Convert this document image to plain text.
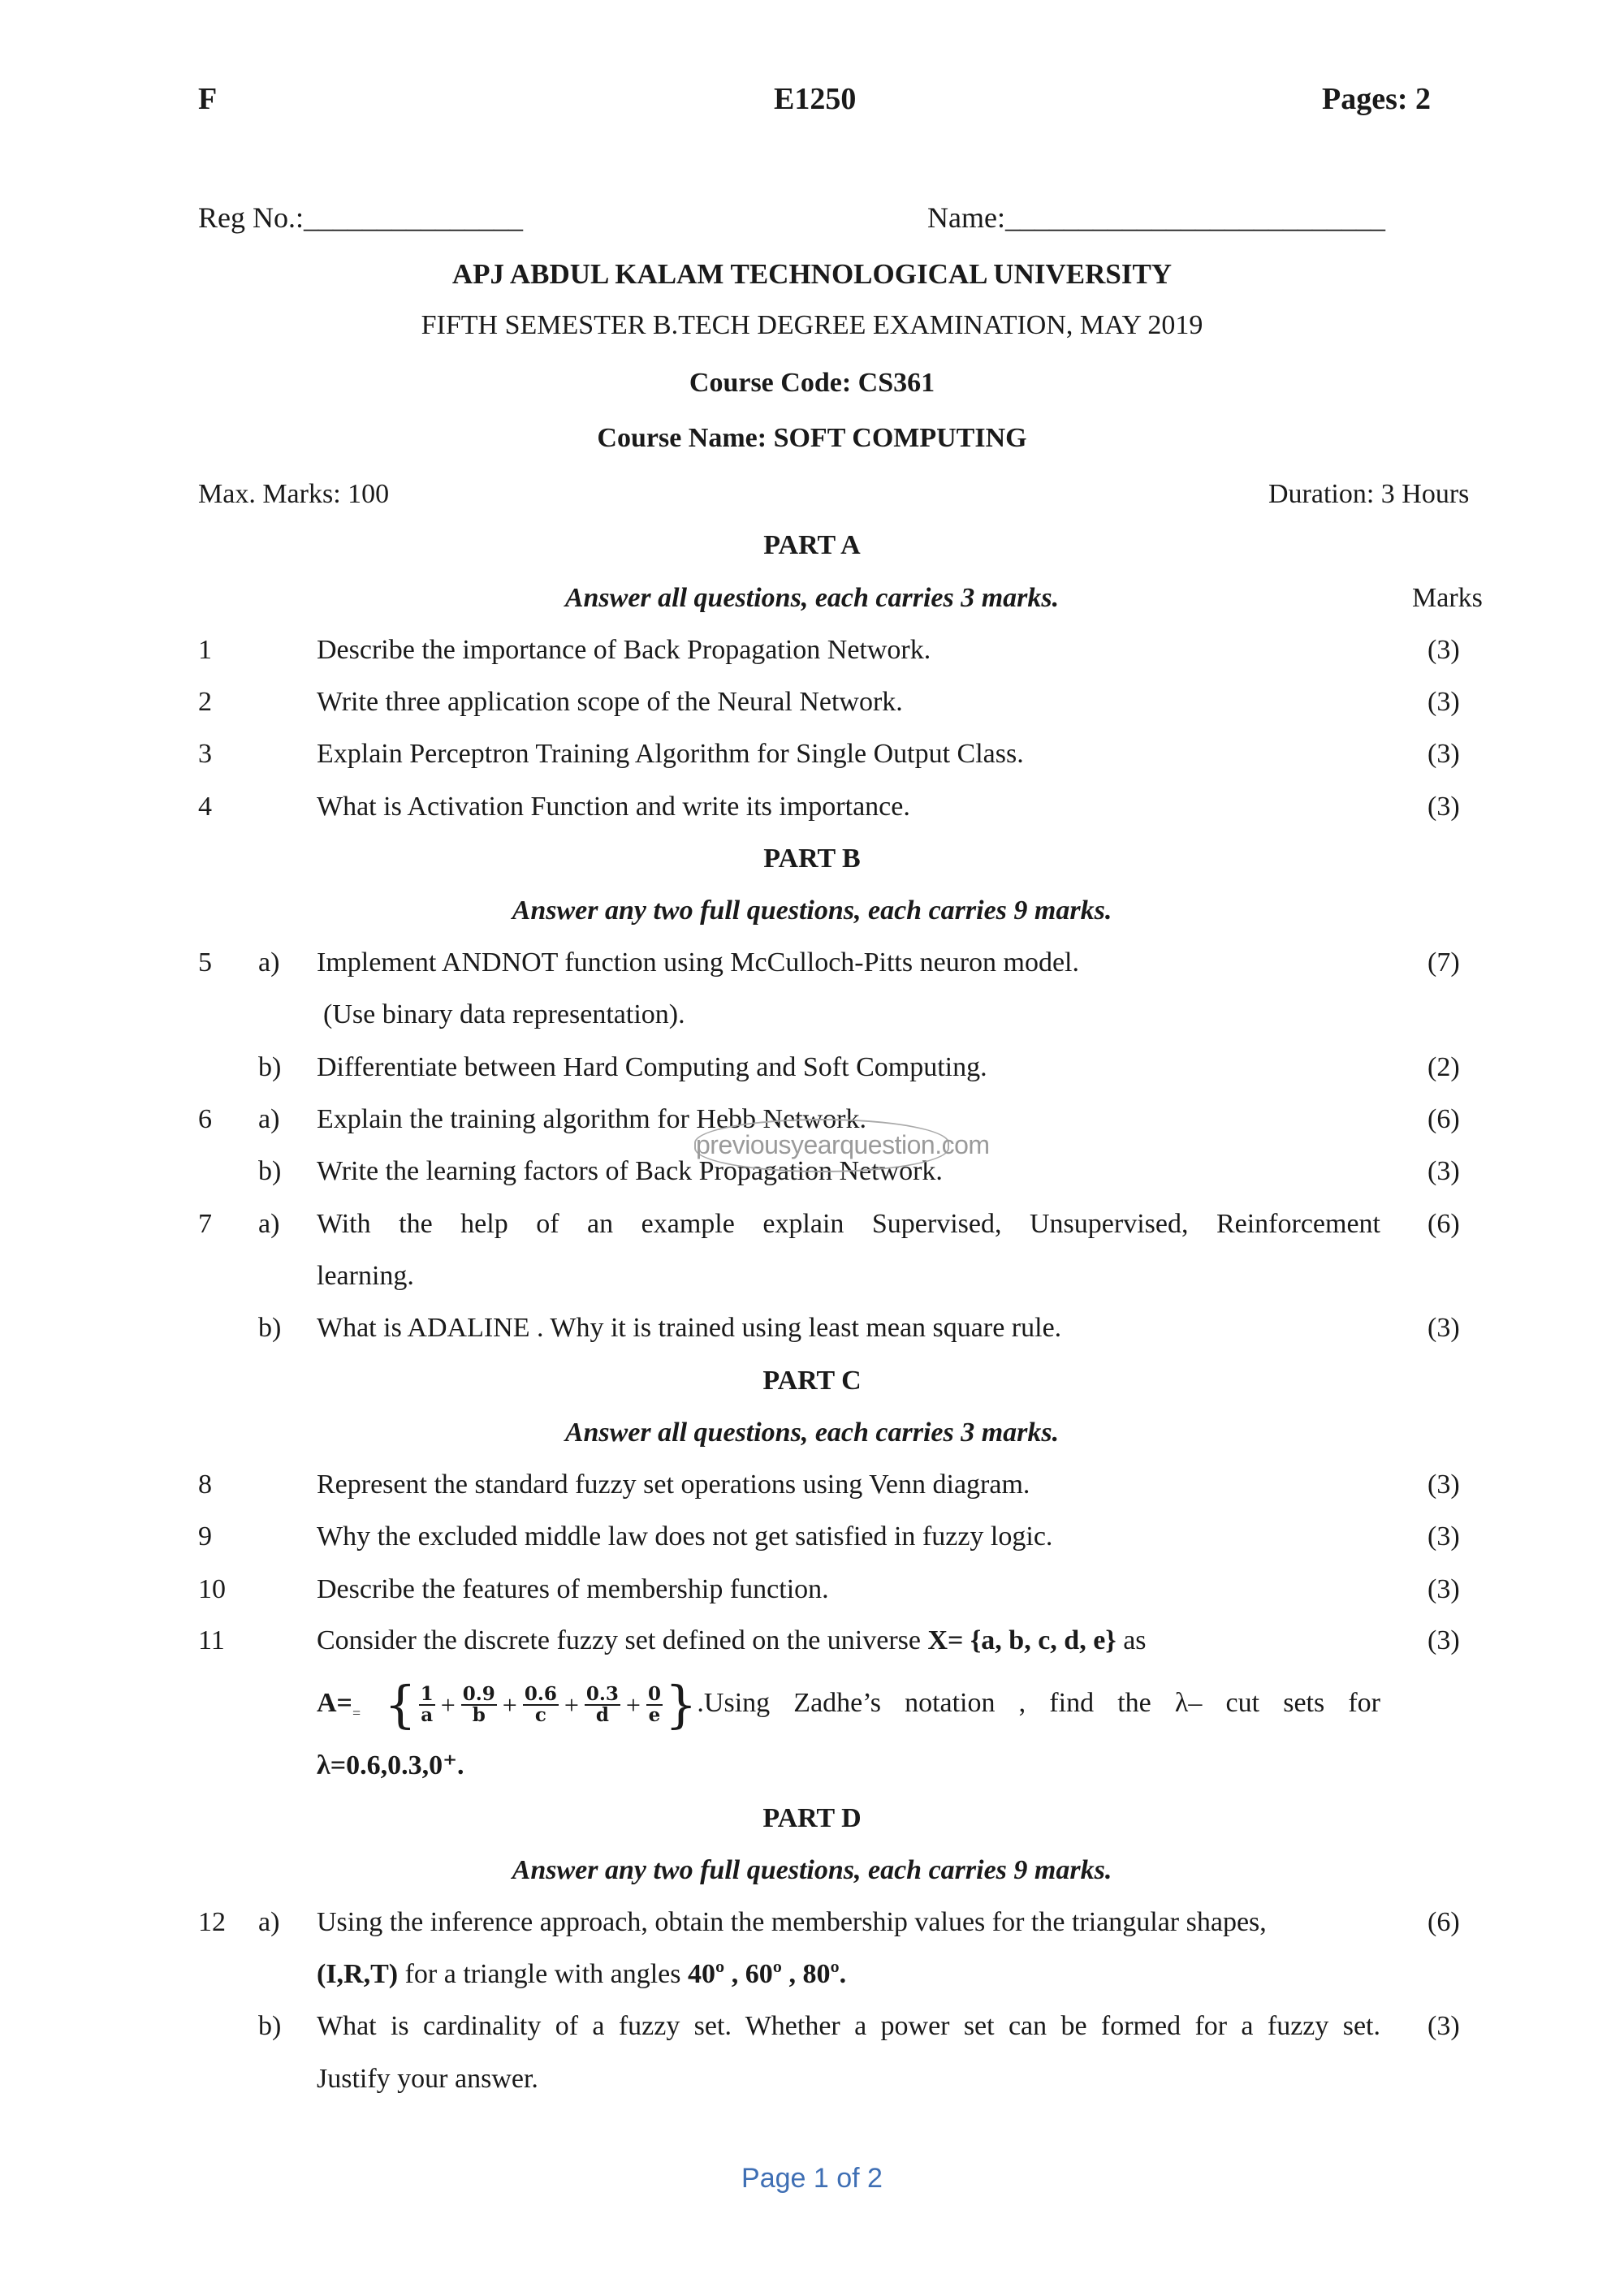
F	E1250	Pages: 2
Reg No.:_______________	Name:__________________________
APJ ABDUL KALAM TECHNOLOGICAL UNIVERSITY
FIFTH SEMESTER B.TECH DEGREE EXAMINATION, MAY 2019
Course Code: CS361
Course Name: SOFT COMPUTING
Max. Marks: 100	Duration: 3 Hours
PART A
Answer all questions, each carries 3 marks.	Marks
1	Describe the importance of Back Propagation Network.	(3)
2	Write three application scope of the Neural Network.	(3)
3	Explain Perceptron Training Algorithm for Single Output Class.	(3)
4	What is Activation Function and write its importance.	(3)
PART B
Answer any two full questions, each carries 9 marks.
5 a) Implement ANDNOT function using McCulloch-Pitts neuron model.	(7)
(Use binary data representation).
b) Differentiate between Hard Computing and Soft Computing.	(2)
6 a) Explain the training algorithm for Hebb Network.	(6)
b) Write the learning factors of Back Propagation Network.	(3)
previousyearquestion.com
7 a) With the help of an example explain Supervised, Unsupervised, Reinforcement (6)
learning.
b) What is ADALINE . Why it is trained using least mean square rule.	(3)
PART C
Answer all questions, each carries 3 marks.
8	Represent the standard fuzzy set operations using Venn diagram.	(3)
9	Why the excluded middle law does not get satisfied in fuzzy logic.	(3)
10	Describe the features of membership function.	(3)
11	Consider the discrete fuzzy set defined on the universe X= {a, b, c, d, e} as	(3)
$A=_=$ { $\frac{1}{a} + \frac{0.9}{b} + \frac{0.6}{c} + \frac{0.3}{d} + \frac{0}{e} \}.Using$ Zadhe’s notation , find the λ– cut sets for
λ=0.6,0.3,0⁺.
PART D
Answer any two full questions, each carries 9 marks.
12 a) Using the inference approach, obtain the membership values for the triangular shapes,	(6)
(I,R,T) for a triangle with angles 40º , 60º , 80º.
b) What is cardinality of a fuzzy set. Whether a power set can be formed for a fuzzy set. (3)
Justify your answer.
Page 1 of 2
